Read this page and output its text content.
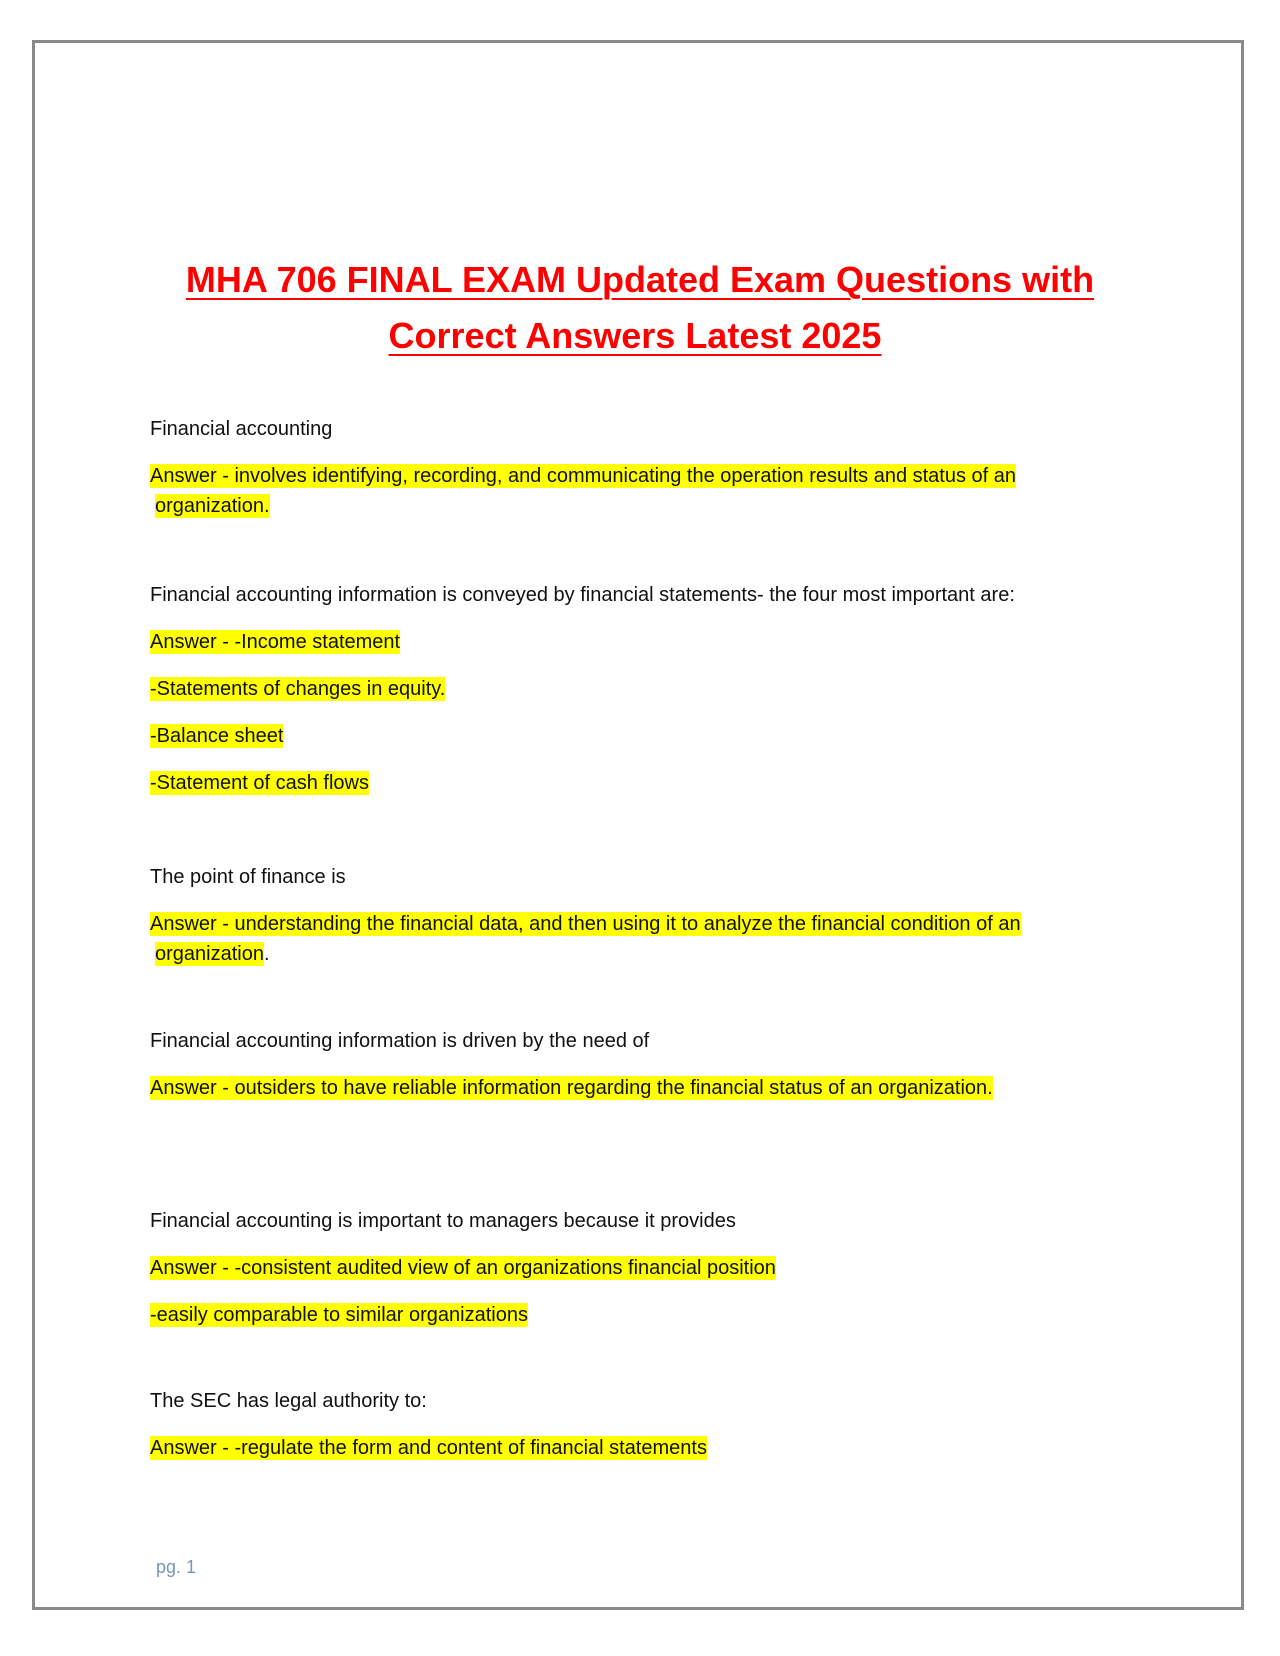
MHA 706 FINAL EXAM Updated Exam Questions with
Correct Answers Latest 2025

Financial accounting

Answer - involves identifying, recording, and communicating the operation results and status of an
organization.

Financial accounting information is conveyed by financial statements- the four most important are:

Answer - -Income statement
-Statements of changes in equity.
-Balance sheet
-Statement of cash flows

The point of finance is

Answer - understanding the financial data, and then using it to analyze the financial condition of an
organization.

Financial accounting information is driven by the need of

Answer - outsiders to have reliable information regarding the financial status of an organization.

Financial accounting is important to managers because it provides

Answer - -consistent audited view of an organizations financial position
-easily comparable to similar organizations

The SEC has legal authority to:

Answer - -regulate the form and content of financial statements
pg. 1
